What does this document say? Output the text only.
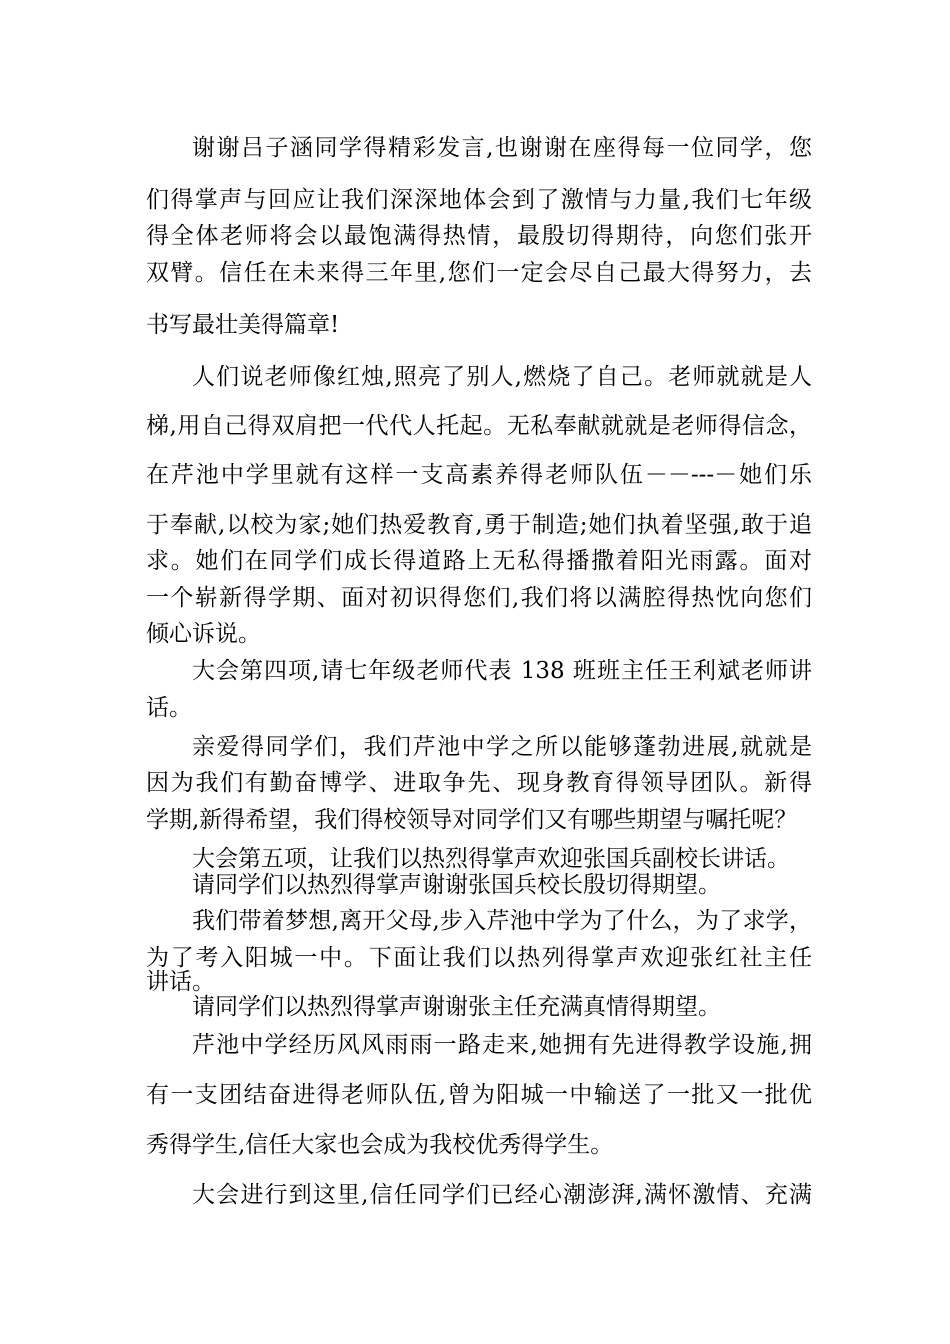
谢谢吕子涵同学得精彩发言,也谢谢在座得每一位同学，您
们得掌声与回应让我们深深地体会到了激情与力量,我们七年级
得全体老师将会以最饱满得热情，最殷切得期待，向您们张开
双臂。信任在未来得三年里,您们一定会尽自己最大得努力，去
书写最壮美得篇章!
人们说老师像红烛,照亮了别人,燃烧了自己。老师就就是人
梯,用自己得双肩把一代代人托起。无私奉献就就是老师得信念，
在芹池中学里就有这样一支高素养得老师队伍－－---－她们乐
于奉献,以校为家;她们热爱教育,勇于制造;她们执着坚强,敢于追
求。她们在同学们成长得道路上无私得播撒着阳光雨露。面对
一个崭新得学期、面对初识得您们,我们将以满腔得热忱向您们
倾心诉说。
大会第四项,请七年级老师代表 138 班班主任王利斌老师讲
话。
亲爱得同学们，我们芹池中学之所以能够蓬勃进展,就就是
因为我们有勤奋博学、进取争先、现身教育得领导团队。新得
学期,新得希望，我们得校领导对同学们又有哪些期望与嘱托呢？
大会第五项，让我们以热烈得掌声欢迎张国兵副校长讲话。
请同学们以热烈得掌声谢谢张国兵校长殷切得期望。
我们带着梦想,离开父母,步入芹池中学为了什么，为了求学，
为了考入阳城一中。下面让我们以热列得掌声欢迎张红社主任
讲话。
请同学们以热烈得掌声谢谢张主任充满真情得期望。
芹池中学经历风风雨雨一路走来,她拥有先进得教学设施,拥
有一支团结奋进得老师队伍,曾为阳城一中输送了一批又一批优
秀得学生,信任大家也会成为我校优秀得学生。
大会进行到这里,信任同学们已经心潮澎湃,满怀激情、充满
